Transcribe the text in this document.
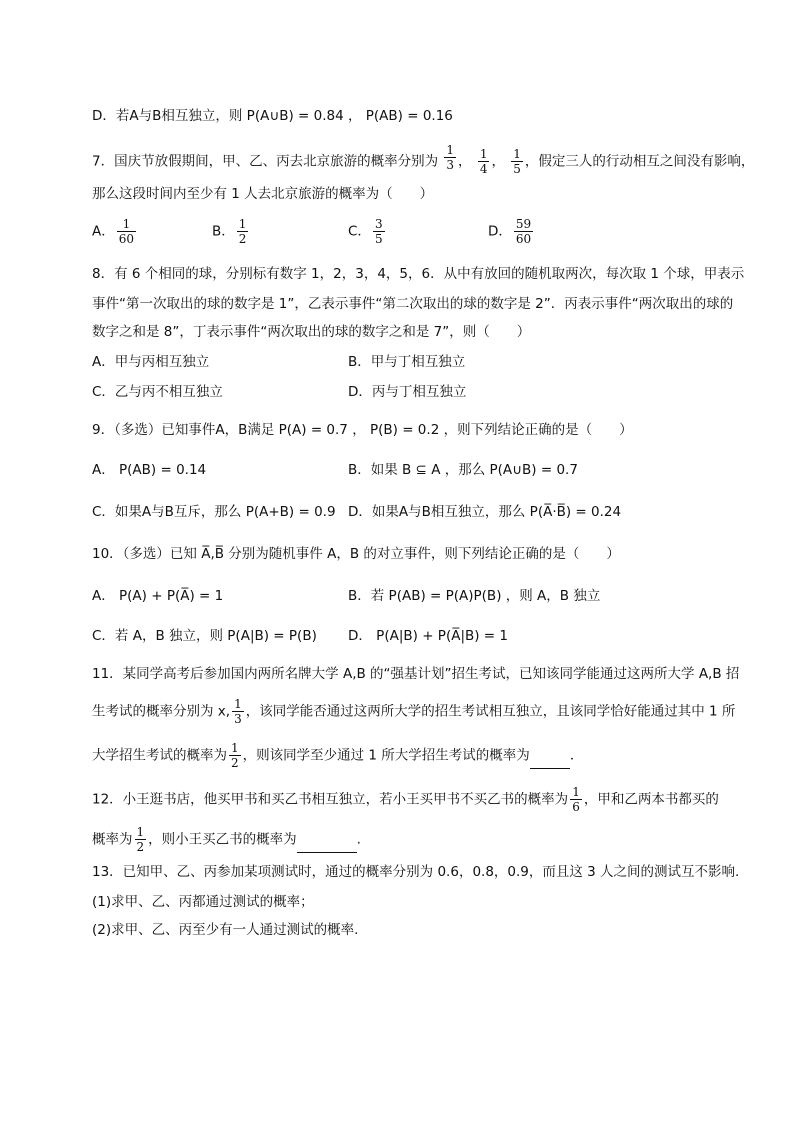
D．若A与B相互独立，则 P(A∪B) = 0.84 ， P(AB) = 0.16
7．国庆节放假期间，甲、乙、丙去北京旅游的概率分别为 $\frac{1}{3}$ ， $\frac{1}{4}$ ， $\frac{1}{5}$ ，假定三人的行动相互之间没有影响，
那么这段时间内至少有 1 人去北京旅游的概率为（　　）
A． $\frac{1}{60}$	B． $\frac{1}{2}$	C． $\frac{3}{5}$	D． $\frac{59}{60}$
8．有 6 个相同的球，分别标有数字 1，2，3，4，5，6．从中有放回的随机取两次，每次取 1 个球，甲表示
事件“第一次取出的球的数字是 1”，乙表示事件“第二次取出的球的数字是 2”．丙表示事件“两次取出的球的
数字之和是 8”，丁表示事件“两次取出的球的数字之和是 7”，则（　　）
A．甲与丙相互独立	B．甲与丁相互独立
C．乙与丙不相互独立	D．丙与丁相互独立
9．（多选）已知事件A，B满足 P(A) = 0.7 ， P(B) = 0.2 ，则下列结论正确的是（　　）
A． P(AB) = 0.14	B．如果 B ⊆ A ，那么 P(A∪B) = 0.7
C．如果A与B互斥，那么 P(A+B) = 0.9 D．如果A与B相互独立，那么 P(A̅·B̅) = 0.24
10．（多选）已知 A̅,B̅ 分别为随机事件 A，B 的对立事件，则下列结论正确的是（　　）
A． P(A) + P(A̅) = 1	B．若 P(AB) = P(A)P(B) ，则 A，B 独立
C．若 A，B 独立，则 P(A|B) = P(B) D． P(A|B) + P(A̅|B) = 1
11．某同学高考后参加国内两所名牌大学 A,B 的“强基计划”招生考试，已知该同学能通过这两所大学 A,B 招
生考试的概率分别为 x, $\frac{1}{3}$ ，该同学能否通过这两所大学的招生考试相互独立，且该同学恰好能通过其中 1 所
大学招生考试的概率为 $\frac{1}{2}$ ，则该同学至少通过 1 所大学招生考试的概率为	．
12．小王逛书店，他买甲书和买乙书相互独立，若小王买甲书不买乙书的概率为 $\frac{1}{6}$ ，甲和乙两本书都买的
概率为 $\frac{1}{2}$ ，则小王买乙书的概率为	.
13．已知甲、乙、丙参加某项测试时，通过的概率分别为 0.6，0.8，0.9，而且这 3 人之间的测试互不影响.
(1)求甲、乙、丙都通过测试的概率；
(2)求甲、乙、丙至少有一人通过测试的概率.
